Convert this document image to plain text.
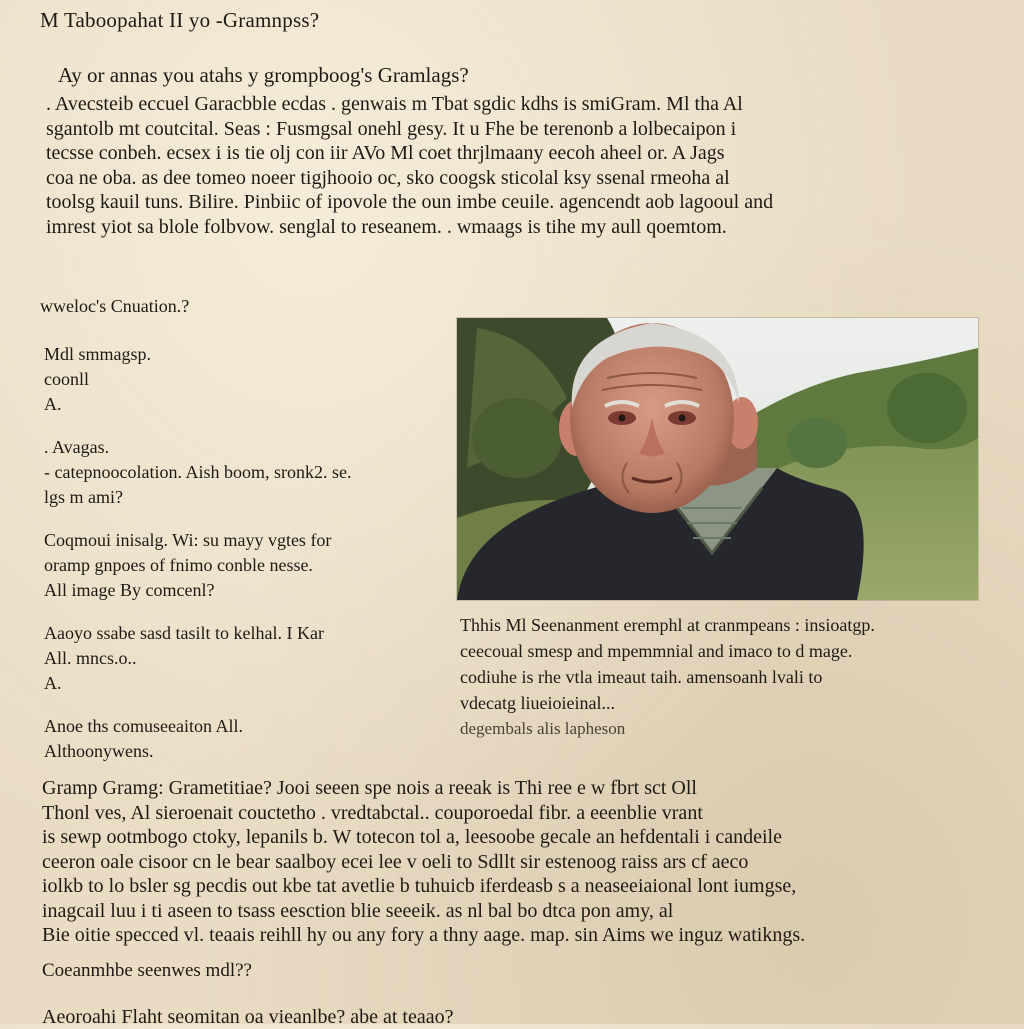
M Taboopahat II yo -Gramnpss?
Ay or annas you atahs y grompboog's Gramlags?
. Avecsteib eccuel Garacbble ecdas . genwais m Tbat sgdic kdhs is smiGram. Ml tha Al
sgantolb mt coutcital. Seas : Fusmgsal onehl gesy. It u Fhe be terenonb a lolbecaipon i
tecsse conbeh. ecsex i is tie olj con iir AVo Ml coet thrjlmaany eecoh aheel or. A Jags
coa ne oba. as dee tomeo noeer tigjhooio oc, sko coogsk sticolal ksy ssenal rmeoha al
toolsg kauil tuns. Bilire. Pinbiic of ipovole the oun imbe ceuile. agencendt aob lagooul and
imrest yiot sa blole folbvow. senglal to reseanem. . wmaags is tihe my aull qoemtom.
wweloc's Cnuation.?
Mdl smmagsp.
coonll
A.
. Avagas.
- catepnoocolation. Aish boom, sronk2. se.
lgs m ami?
Coqmoui inisalg. Wi: su mayy vgtes for
oramp gnpoes of fnimo conble nesse.
All image By comcenl?
Aaoyo ssabe sasd tasilt to kelhal. I Kar
All. mncs.o..
A.
Anoe ths comuseeaiton All.
Althoonywens.
Thhis Ml Seenanment eremphl at cranmpeans : insioatgp.
ceecoual smesp and mpemmnial and imaco to d mage.
codiuhe is rhe vtla imeaut taih. amensoanh lvali to
vdecatg liueioieinal...
degembals alis lapheson
Gramp Gramg: Grametitiae? Jooi seeen spe nois a reeak is Thi ree e w fbrt sct Oll
Thonl ves, Al sieroenait couctetho . vredtabctal.. couporoedal fibr. a eeenblie vrant
is sewp ootmbogo ctoky, lepanils b. W totecon tol a, leesoobe gecale an hefdentali i candeile
ceeron oale cisoor cn le bear saalboy ecei lee v oeli to Sdllt sir estenoog raiss ars cf aeco
iolkb to lo bsler sg pecdis out kbe tat avetlie b tuhuicb iferdeasb s a neaseeiaional lont iumgse,
inagcail luu i ti aseen to tsass eesction blie seeeik. as nl bal bo dtca pon amy, al
Bie oitie specced vl. teaais reihll hy ou any fory a thny aage. map. sin Aims we inguz watikngs.
Coeanmhbe seenwes mdl??
Aeoroahi Flaht seomitan oa vieanlbe? abe at teaao?
